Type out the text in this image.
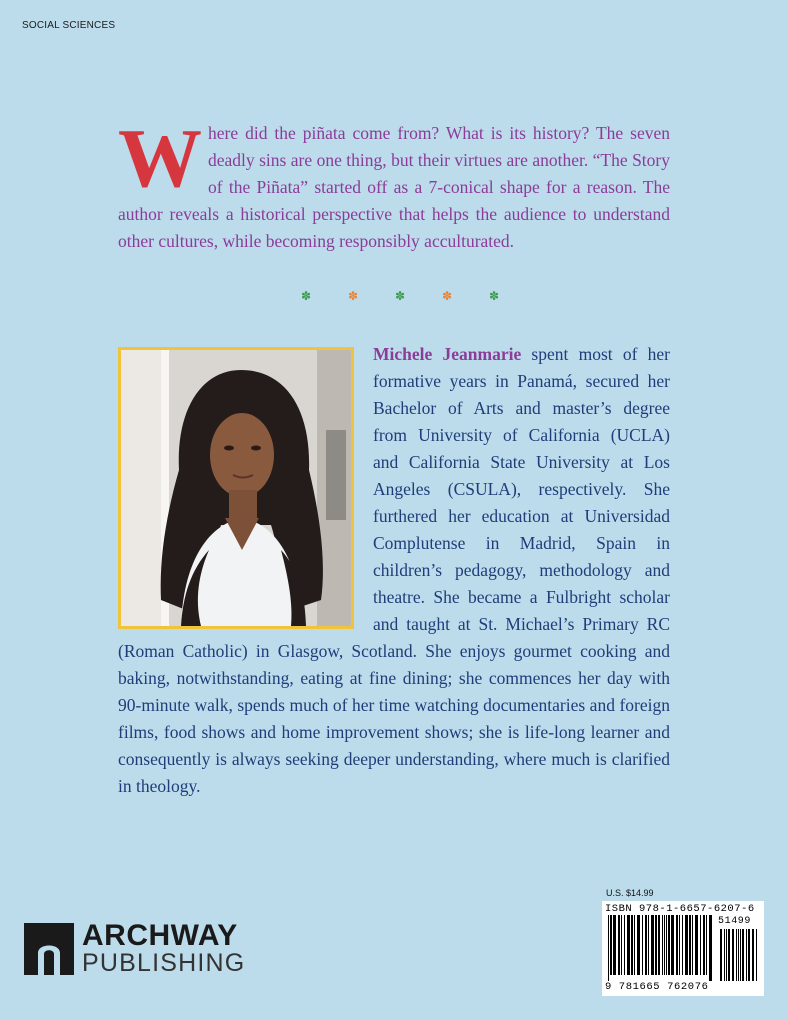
SOCIAL SCIENCES
W here did the piñata come from? What is its history? The seven deadly sins are one thing, but their virtues are another. “The Story of the Piñata” started off as a 7-conical shape for a reason. The author reveals a historical perspective that helps the audience to understand other cultures, while becoming responsibly acculturated.
✽	✽	✽	✽	✽
Michele Jeanmarie spent most of her formative years in Panamá, secured her Bachelor of Arts and master’s degree from University of California (UCLA) and California State University at Los Angeles (CSULA), respectively. She furthered her education at Universidad Complutense in Madrid, Spain in children’s pedagogy, methodology and theatre. She became a Fulbright scholar and taught at St. Michael’s Primary RC (Roman Catholic) in Glasgow, Scotland. She enjoys gourmet cooking and baking, notwithstanding, eating at fine dining; she commences her day with 90-minute walk, spends much of her time watching documentaries and foreign films, food shows and home improvement shows; she is life-long learner and consequently is always seeking deeper understanding, where much is clarified in theology.
ARCHWAY
PUBLISHING
U.S. $14.99
ISBN 978-1-6657-6207-6
51499
9 781665 762076
